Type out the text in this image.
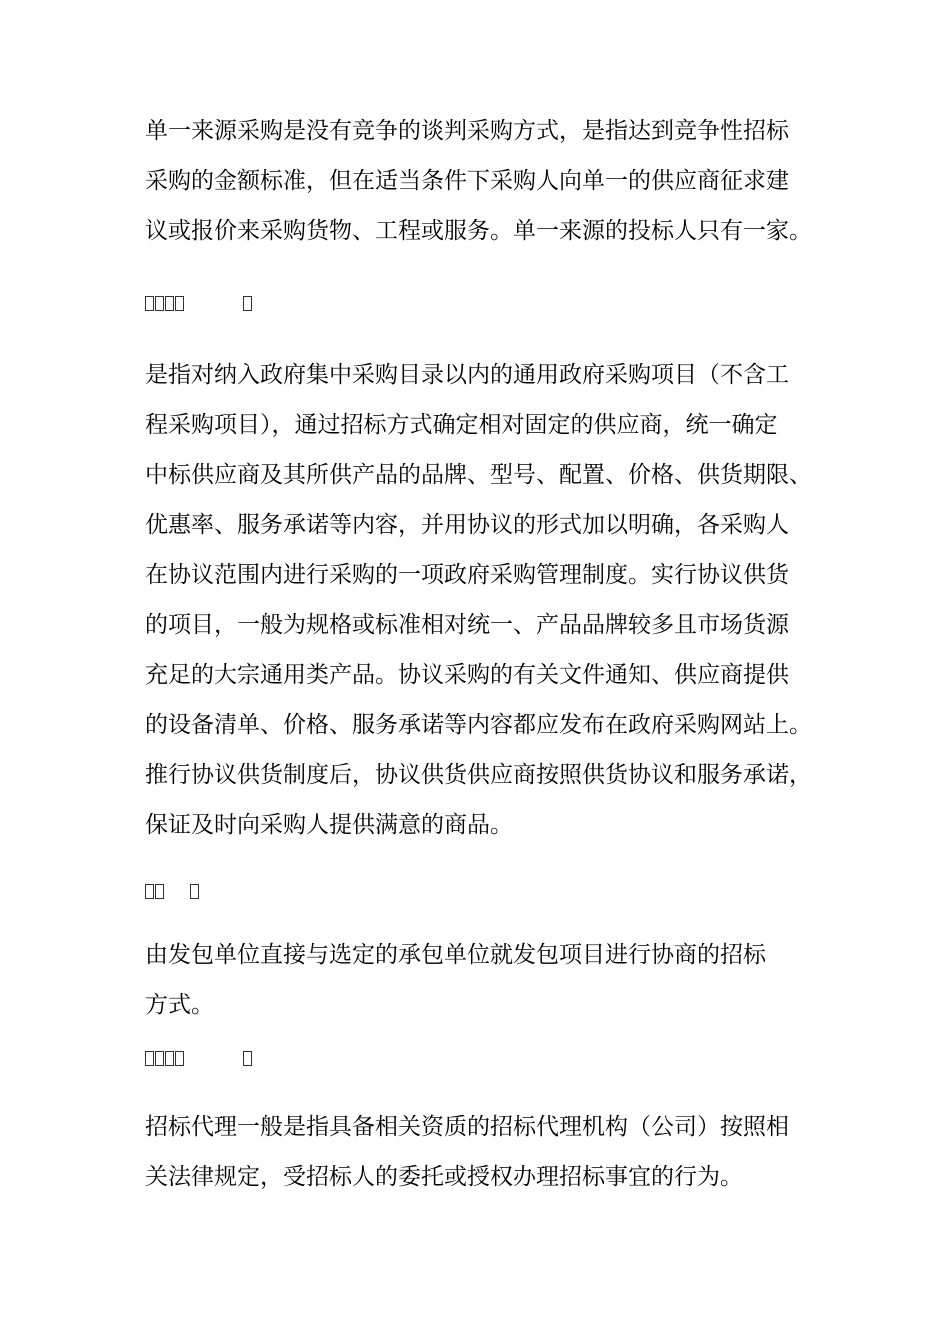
单一来源采购是没有竞争的谈判采购方式，是指达到竞争性招标
采购的金额标准，但在适当条件下采购人向单一的供应商征求建
议或报价来采购货物、工程或服务。单一来源的投标人只有一家。

是指对纳入政府集中采购目录以内的通用政府采购项目（不含工
程采购项目），通过招标方式确定相对固定的供应商，统一确定
中标供应商及其所供产品的品牌、型号、配置、价格、供货期限、
优惠率、服务承诺等内容，并用协议的形式加以明确，各采购人
在协议范围内进行采购的一项政府采购管理制度。实行协议供货
的项目，一般为规格或标准相对统一、产品品牌较多且市场货源
充足的大宗通用类产品。协议采购的有关文件通知、供应商提供
的设备清单、价格、服务承诺等内容都应发布在政府采购网站上。
推行协议供货制度后，协议供货供应商按照供货协议和服务承诺，
保证及时向采购人提供满意的商品。

由发包单位直接与选定的承包单位就发包项目进行协商的招标
方式。

招标代理一般是指具备相关资质的招标代理机构（公司）按照相
关法律规定，受招标人的委托或授权办理招标事宜的行为。
